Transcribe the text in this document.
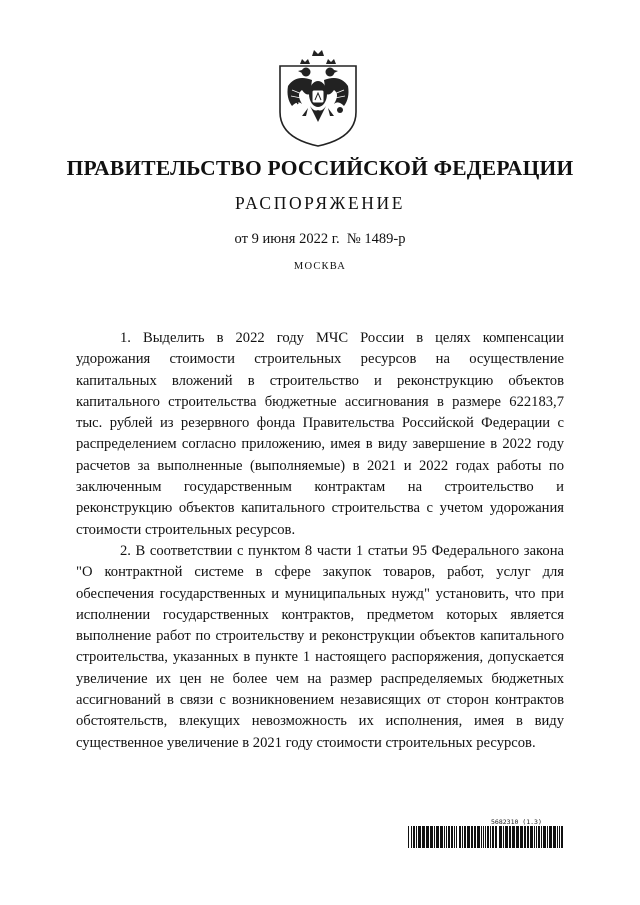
ПРАВИТЕЛЬСТВО РОССИЙСКОЙ ФЕДЕРАЦИИ
РАСПОРЯЖЕНИЕ
от 9 июня 2022 г.  № 1489-р
МОСКВА

1. Выделить в 2022 году МЧС России в целях компенсации удорожания стоимости строительных ресурсов на осуществление капитальных вложений в строительство и реконструкцию объектов капитального строительства бюджетные ассигнования в размере 622183,7 тыс. рублей из резервного фонда Правительства Российской Федерации с распределением согласно приложению, имея в виду завершение в 2022 году расчетов за выполненные (выполняемые) в 2021 и 2022 годах работы по заключенным государственным контрактам на строительство и реконструкцию объектов капитального строительства с учетом удорожания стоимости строительных ресурсов.

2. В соответствии с пунктом 8 части 1 статьи 95 Федерального закона "О контрактной системе в сфере закупок товаров, работ, услуг для обеспечения государственных и муниципальных нужд" установить, что при исполнении государственных контрактов, предметом которых является выполнение работ по строительству и реконструкции объектов капитального строительства, указанных в пункте 1 настоящего распоряжения, допускается увеличение их цен не более чем на размер распределяемых бюджетных ассигнований в связи с возникновением независящих от сторон контрактов обстоятельств, влекущих невозможность их исполнения, имея в виду существенное увеличение в 2021 году стоимости строительных ресурсов.

5682310 (1.3)
